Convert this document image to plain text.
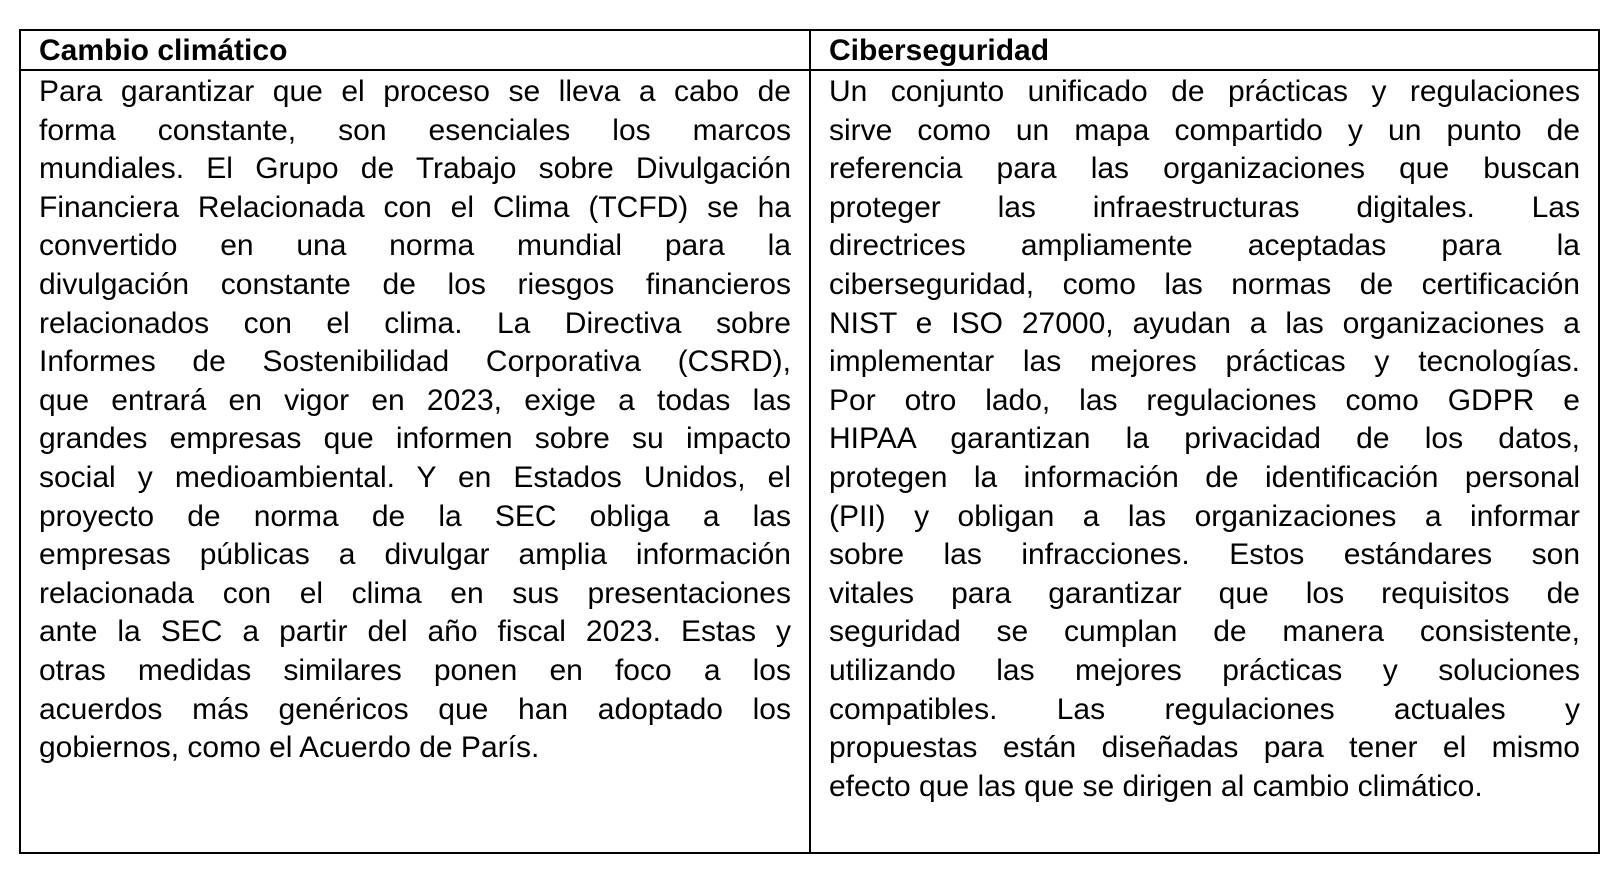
Cambio climático
Para garantizar que el proceso se lleva a cabo de
forma constante, son esenciales los marcos
mundiales. El Grupo de Trabajo sobre Divulgación
Financiera Relacionada con el Clima (TCFD) se ha
convertido en una norma mundial para la
divulgación constante de los riesgos financieros
relacionados con el clima. La Directiva sobre
Informes de Sostenibilidad Corporativa (CSRD),
que entrará en vigor en 2023, exige a todas las
grandes empresas que informen sobre su impacto
social y medioambiental. Y en Estados Unidos, el
proyecto de norma de la SEC obliga a las
empresas públicas a divulgar amplia información
relacionada con el clima en sus presentaciones
ante la SEC a partir del año fiscal 2023. Estas y
otras medidas similares ponen en foco a los
acuerdos más genéricos que han adoptado los
gobiernos, como el Acuerdo de París.
Ciberseguridad
Un conjunto unificado de prácticas y regulaciones
sirve como un mapa compartido y un punto de
referencia para las organizaciones que buscan
proteger las infraestructuras digitales. Las
directrices ampliamente aceptadas para la
ciberseguridad, como las normas de certificación
NIST e ISO 27000, ayudan a las organizaciones a
implementar las mejores prácticas y tecnologías.
Por otro lado, las regulaciones como GDPR e
HIPAA garantizan la privacidad de los datos,
protegen la información de identificación personal
(PII) y obligan a las organizaciones a informar
sobre las infracciones. Estos estándares son
vitales para garantizar que los requisitos de
seguridad se cumplan de manera consistente,
utilizando las mejores prácticas y soluciones
compatibles. Las regulaciones actuales y
propuestas están diseñadas para tener el mismo
efecto que las que se dirigen al cambio climático.
